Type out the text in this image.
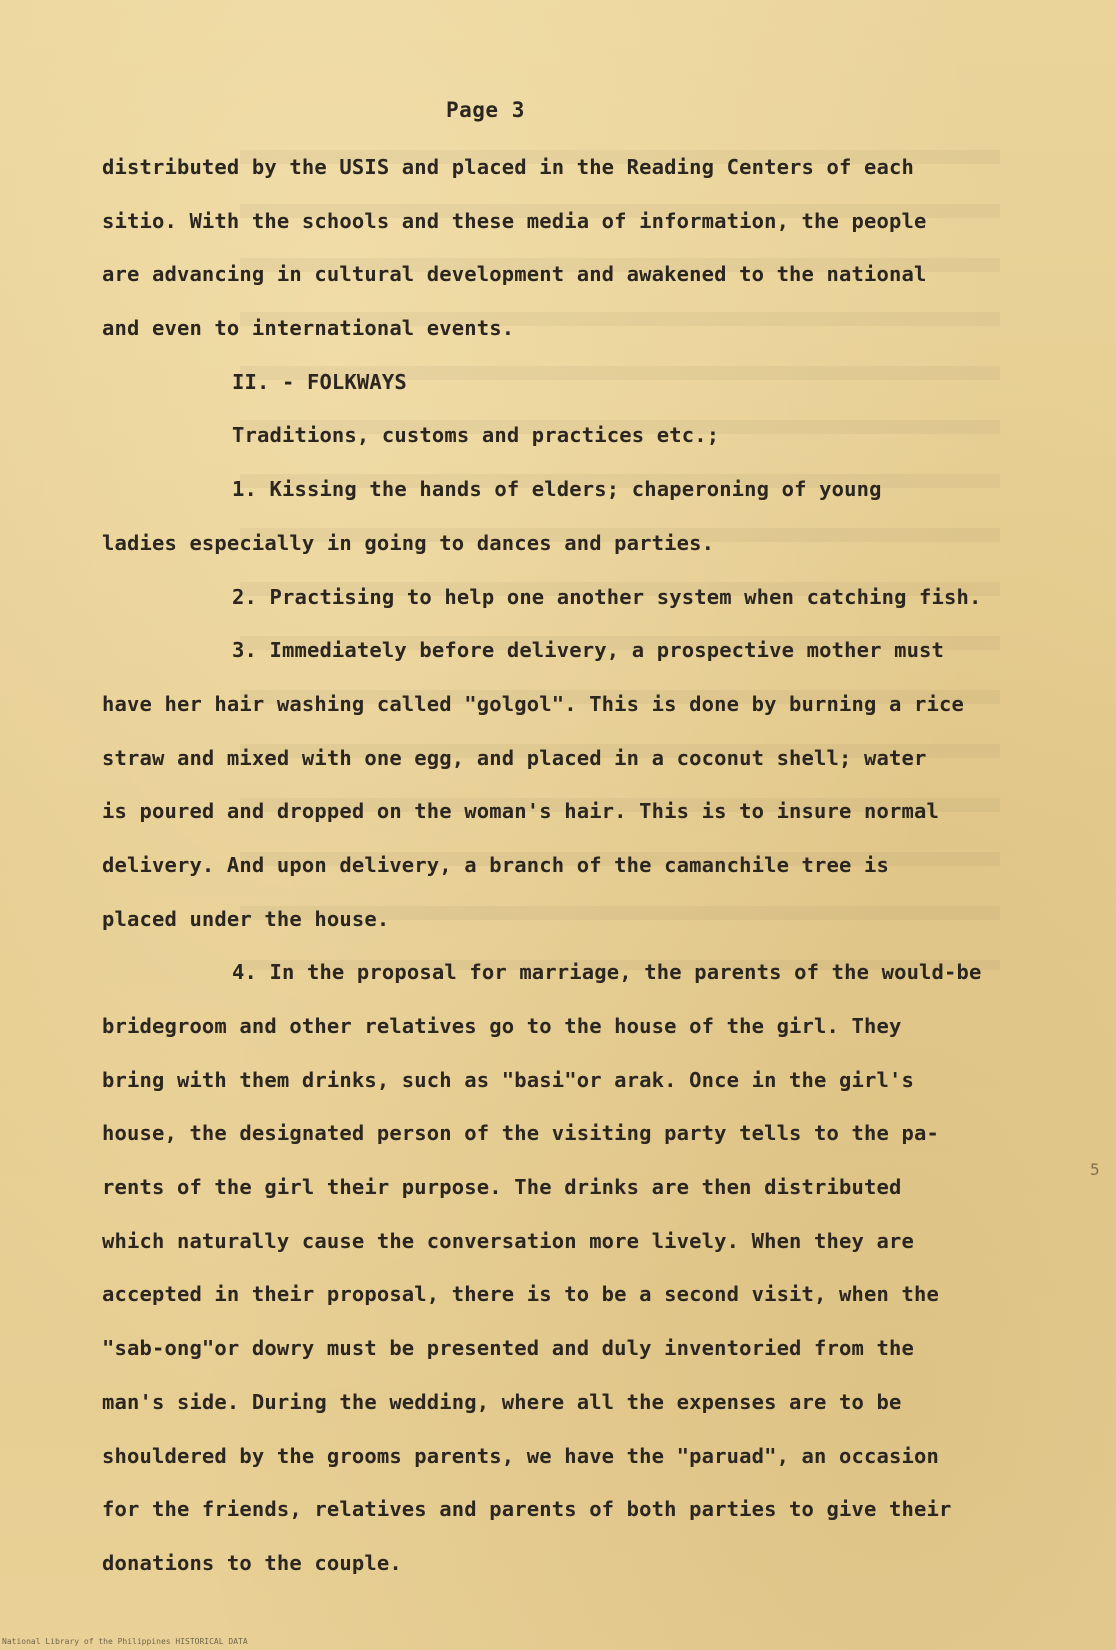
Page 3
distributed by the USIS and placed in the Reading Centers of each
sitio. With the schools and these media of information, the people
are advancing in cultural development and awakened to the national
and even to international events.
II. - FOLKWAYS
Traditions, customs and practices etc.;
1. Kissing the hands of elders; chaperoning of young
ladies especially in going to dances and parties.
2. Practising to help one another system when catching fish.
3. Immediately before delivery, a prospective mother must
have her hair washing called "golgol". This is done by burning a rice
straw and mixed with one egg, and placed in a coconut shell; water
is poured and dropped on the woman's hair. This is to insure normal
delivery. And upon delivery, a branch of the camanchile tree is
placed under the house.
4. In the proposal for marriage, the parents of the would-be
bridegroom and other relatives go to the house of the girl. They
bring with them drinks, such as "basi"or arak. Once in the girl's
house, the designated person of the visiting party tells to the pa-
rents of the girl their purpose. The drinks are then distributed
which naturally cause the conversation more lively. When they are
accepted in their proposal, there is to be a second visit, when the
"sab-ong"or dowry must be presented and duly inventoried from the
man's side. During the wedding, where all the expenses are to be
shouldered by the grooms parents, we have the "paruad", an occasion
for the friends, relatives and parents of both parties to give their
donations to the couple.
5
National Library of the Philippines HISTORICAL DATA
